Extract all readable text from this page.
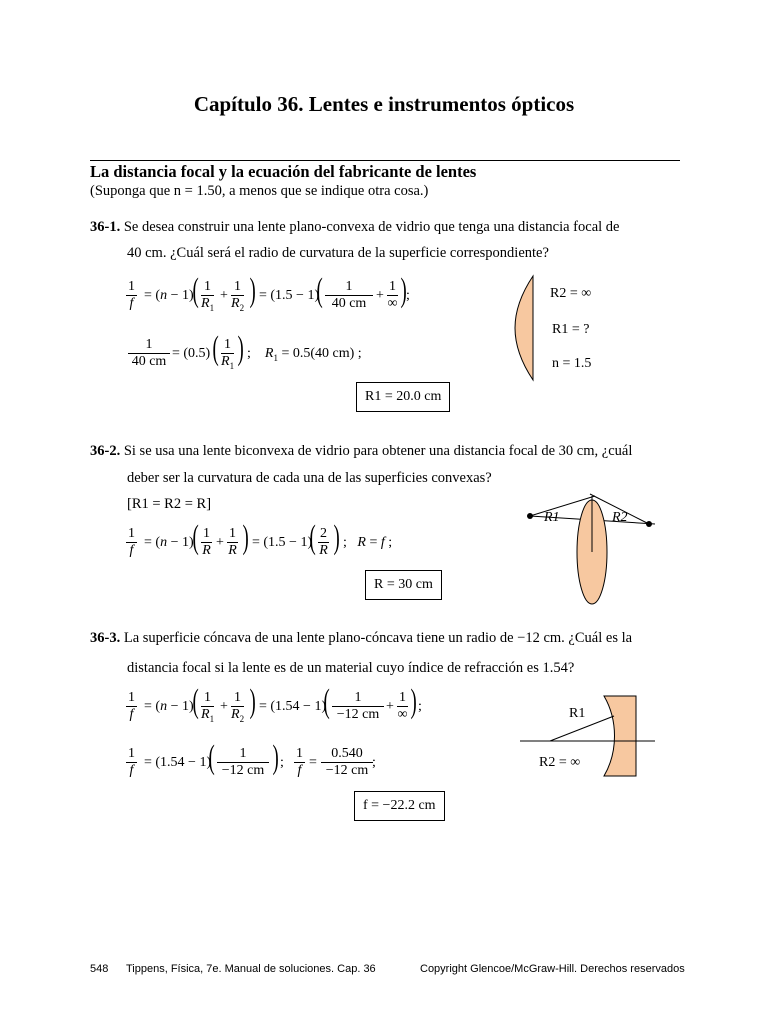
Capítulo 36. Lentes e instrumentos ópticos
La distancia focal y la ecuación del fabricante de lentes
(Suponga que n = 1.50, a menos que se indique otra cosa.)
36-1. Se desea construir una lente plano-convexa de vidrio que tenga una distancia focal de
40 cm. ¿Cuál será el radio de curvatura de la superficie correspondiente?
$\frac{1}{f} = (n - 1)$
( $\frac{1}{R_1} + \frac{1}{R_2}$ ) = (1.5 − 1)
( $\frac{1}{40 cm}$ +
1
∞ ) ;
$\frac{1}{40 cm} = (0.5)$ ( $\frac{1}{R_1}$ ) ;    $R_1 = 0.5(40$ cm) ;
R1 = 20.0 cm
R2 = ∞
R1 = ?
n = 1.5
36-2. Si se usa una lente biconvexa de vidrio para obtener una distancia focal de 30 cm, ¿cuál
deber ser la curvatura de cada una de las superficies convexas?
[R1 = R2 = R]
$\frac{1}{f} = (n - 1)$
( $\frac{1}{R} + \frac{1}{R}$ ) = (1.5 − 1)
( $\frac{2}{R}$ ) ;   R = f ;
R = 30 cm
R1	R2
36-3. La superficie cóncava de una lente plano-cóncava tiene un radio de −12 cm. ¿Cuál es la
distancia focal si la lente es de un material cuyo índice de refracción es 1.54?
$\frac{1}{f} = (n - 1)$
( $\frac{1}{R_1} + \frac{1}{R_2}$ ) = (1.54 − 1)
( $\frac{1}{-12 cm}$ +
1
∞ ) ;
$\frac{1}{f} = (1.54 - 1)$
( $\frac{1}{-12 cm}$ ) ; $\frac{1}{f} = \frac{0.540}{-12 cm}$ ;
f = −22.2 cm
R1
R2 = ∞
548 Tippens, Física, 7e. Manual de soluciones. Cap. 36	Copyright Glencoe/McGraw-Hill. Derechos reservados
